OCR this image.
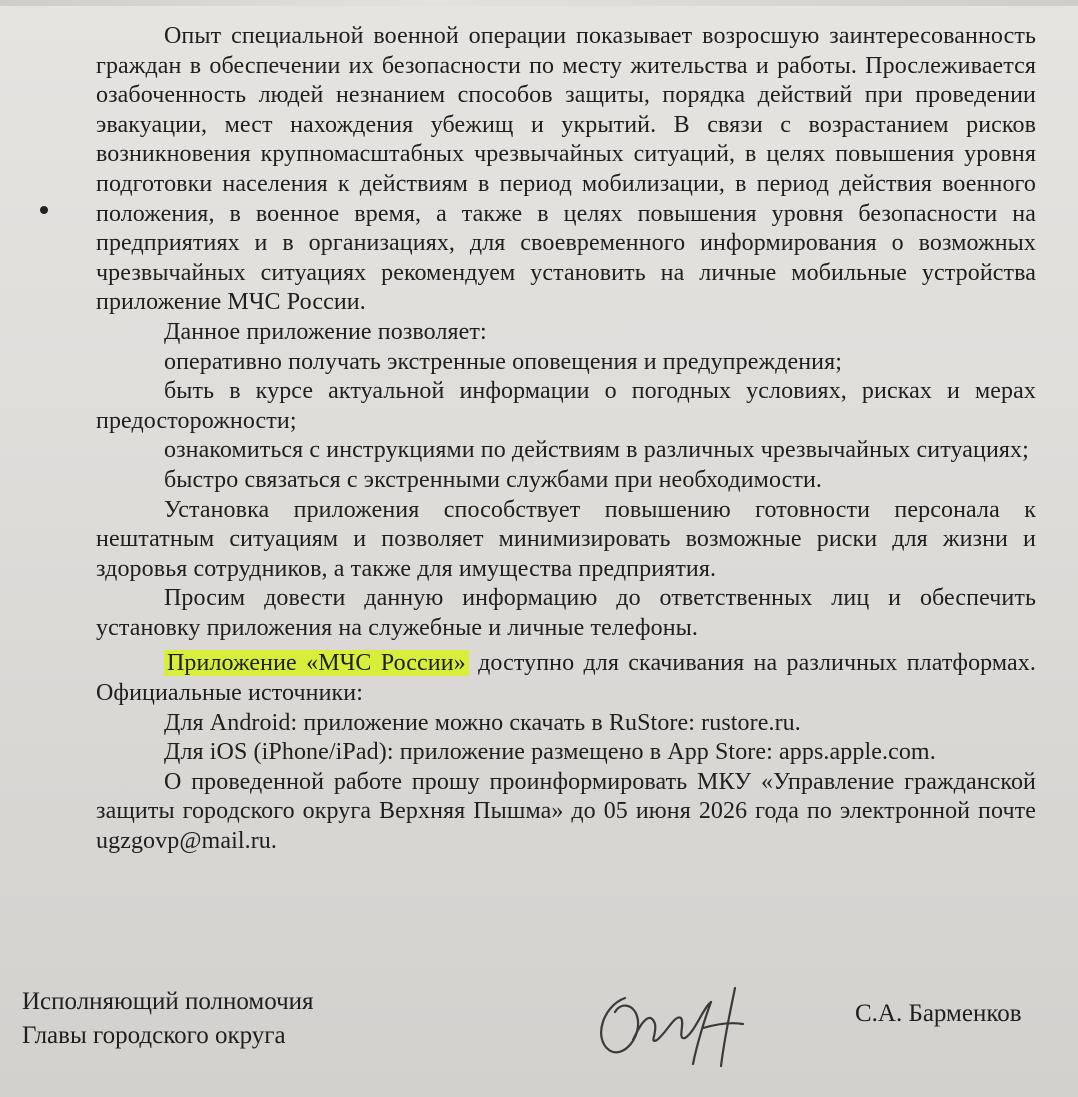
Опыт специальной военной операции показывает возросшую заинтересованность граждан в обеспечении их безопасности по месту жительства и работы. Прослеживается озабоченность людей незнанием способов защиты, порядка действий при проведении эвакуации, мест нахождения убежищ и укрытий. В связи с возрастанием рисков возникновения крупномасштабных чрезвычайных ситуаций, в целях повышения уровня подготовки населения к действиям в период мобилизации, в период действия военного положения, в военное время, а также в целях повышения уровня безопасности на предприятиях и в организациях, для своевременного информирования о возможных чрезвычайных ситуациях рекомендуем установить на личные мобильные устройства приложение МЧС России.

Данное приложение позволяет:

оперативно получать экстренные оповещения и предупреждения;

быть в курсе актуальной информации о погодных условиях, рисках и мерах предосторожности;

ознакомиться с инструкциями по действиям в различных чрезвычайных ситуациях;

быстро связаться с экстренными службами при необходимости.

Установка приложения способствует повышению готовности персонала к нештатным ситуациям и позволяет минимизировать возможные риски для жизни и здоровья сотрудников, а также для имущества предприятия.

Просим довести данную информацию до ответственных лиц и обеспечить установку приложения на служебные и личные телефоны.

Приложение «МЧС России» доступно для скачивания на различных платформах. Официальные источники:

Для Android: приложение можно скачать в RuStore: rustore.ru.

Для iOS (iPhone/iPad): приложение размещено в App Store: apps.apple.com.

О проведенной работе прошу проинформировать МКУ «Управление гражданской защиты городского округа Верхняя Пышма» до 05 июня 2026 года по электронной почте ugzgovp@mail.ru.

Исполняющий полномочия
Главы городского округа
С.А. Барменков
